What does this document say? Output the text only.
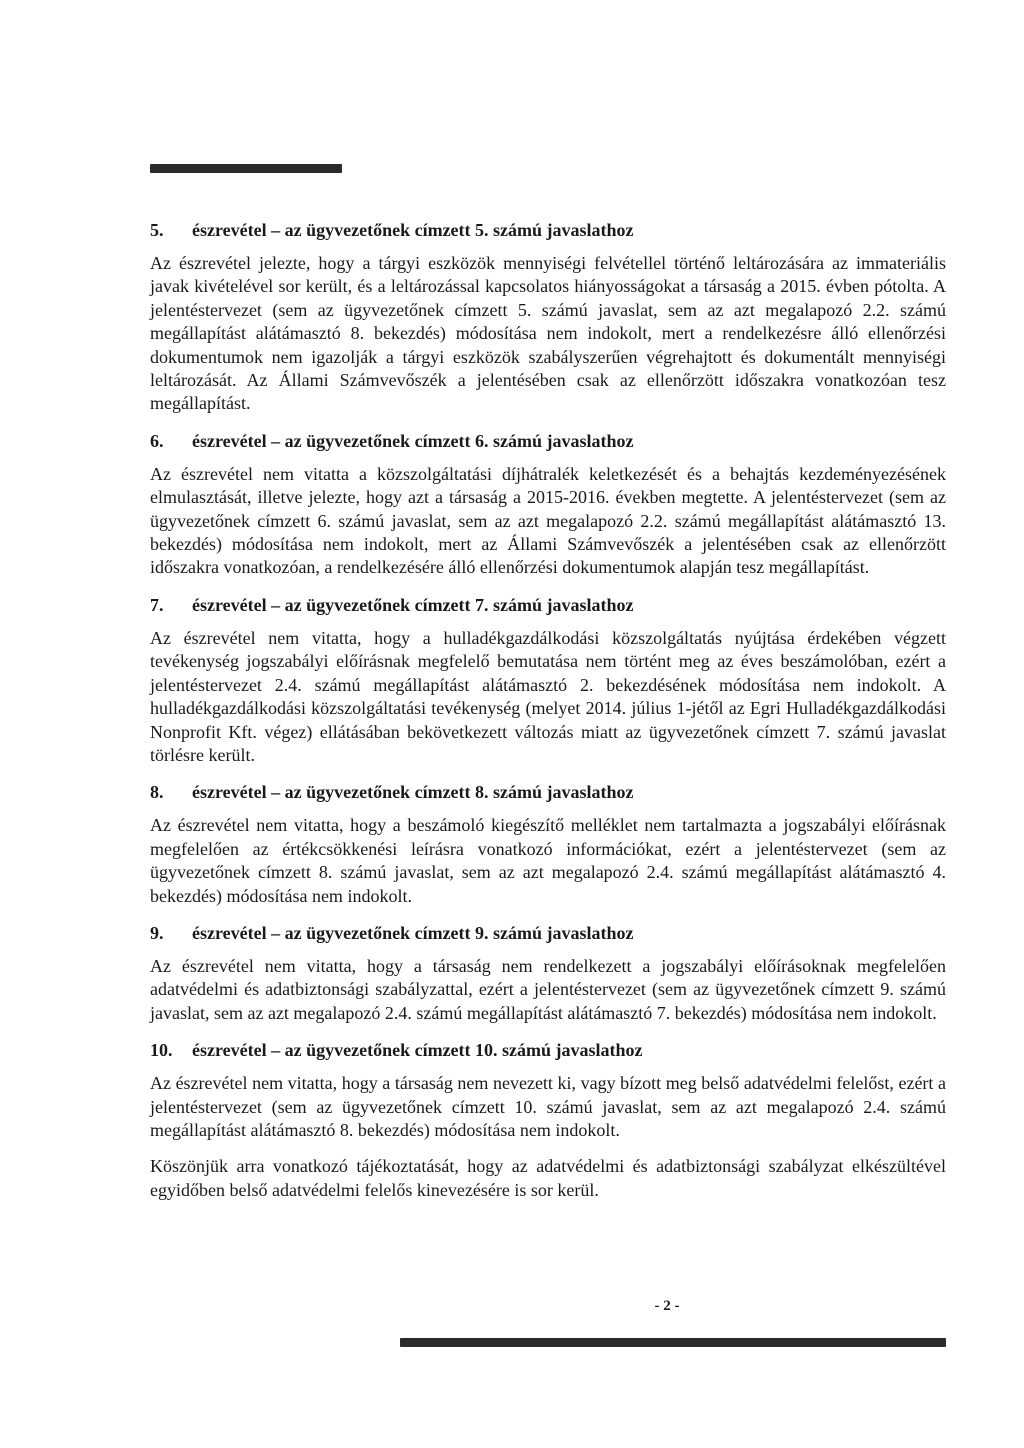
5.	észrevétel – az ügyvezetőnek címzett 5. számú javaslathoz

Az észrevétel jelezte, hogy a tárgyi eszközök mennyiségi felvétellel történő leltározására az immateriális javak kivételével sor került, és a leltározással kapcsolatos hiányosságokat a társaság a 2015. évben pótolta. A jelentéstervezet (sem az ügyvezetőnek címzett 5. számú javaslat, sem az azt megalapozó 2.2. számú megállapítást alátámasztó 8. bekezdés) módosítása nem indokolt, mert a rendelkezésre álló ellenőrzési dokumentumok nem igazolják a tárgyi eszközök szabályszerűen végrehajtott és dokumentált mennyiségi leltározását. Az Állami Számvevőszék a jelentésében csak az ellenőrzött időszakra vonatkozóan tesz megállapítást.

6.	észrevétel – az ügyvezetőnek címzett 6. számú javaslathoz

Az észrevétel nem vitatta a közszolgáltatási díjhátralék keletkezését és a behajtás kezdeményezésének elmulasztását, illetve jelezte, hogy azt a társaság a 2015-2016. években megtette. A jelentéstervezet (sem az ügyvezetőnek címzett 6. számú javaslat, sem az azt megalapozó 2.2. számú megállapítást alátámasztó 13. bekezdés) módosítása nem indokolt, mert az Állami Számvevőszék a jelentésében csak az ellenőrzött időszakra vonatkozóan, a rendelkezésére álló ellenőrzési dokumentumok alapján tesz megállapítást.

7.	észrevétel – az ügyvezetőnek címzett 7. számú javaslathoz

Az észrevétel nem vitatta, hogy a hulladékgazdálkodási közszolgáltatás nyújtása érdekében végzett tevékenység jogszabályi előírásnak megfelelő bemutatása nem történt meg az éves beszámolóban, ezért a jelentéstervezet 2.4. számú megállapítást alátámasztó 2. bekezdésének módosítása nem indokolt. A hulladékgazdálkodási közszolgáltatási tevékenység (melyet 2014. július 1-jétől az Egri Hulladékgazdálkodási Nonprofit Kft. végez) ellátásában bekövetkezett változás miatt az ügyvezetőnek címzett 7. számú javaslat törlésre került.

8.	észrevétel – az ügyvezetőnek címzett 8. számú javaslathoz

Az észrevétel nem vitatta, hogy a beszámoló kiegészítő melléklet nem tartalmazta a jogszabályi előírásnak megfelelően az értékcsökkenési leírásra vonatkozó információkat, ezért a jelentéstervezet (sem az ügyvezetőnek címzett 8. számú javaslat, sem az azt megalapozó 2.4. számú megállapítást alátámasztó 4. bekezdés) módosítása nem indokolt.

9.	észrevétel – az ügyvezetőnek címzett 9. számú javaslathoz

Az észrevétel nem vitatta, hogy a társaság nem rendelkezett a jogszabályi előírásoknak megfelelően adatvédelmi és adatbiztonsági szabályzattal, ezért a jelentéstervezet (sem az ügyvezetőnek címzett 9. számú javaslat, sem az azt megalapozó 2.4. számú megállapítást alátámasztó 7. bekezdés) módosítása nem indokolt.

10.	észrevétel – az ügyvezetőnek címzett 10. számú javaslathoz

Az észrevétel nem vitatta, hogy a társaság nem nevezett ki, vagy bízott meg belső adatvédelmi felelőst, ezért a jelentéstervezet (sem az ügyvezetőnek címzett 10. számú javaslat, sem az azt megalapozó 2.4. számú megállapítást alátámasztó 8. bekezdés) módosítása nem indokolt.

Köszönjük arra vonatkozó tájékoztatását, hogy az adatvédelmi és adatbiztonsági szabályzat elkészültével egyidőben belső adatvédelmi felelős kinevezésére is sor kerül.

- 2 -
